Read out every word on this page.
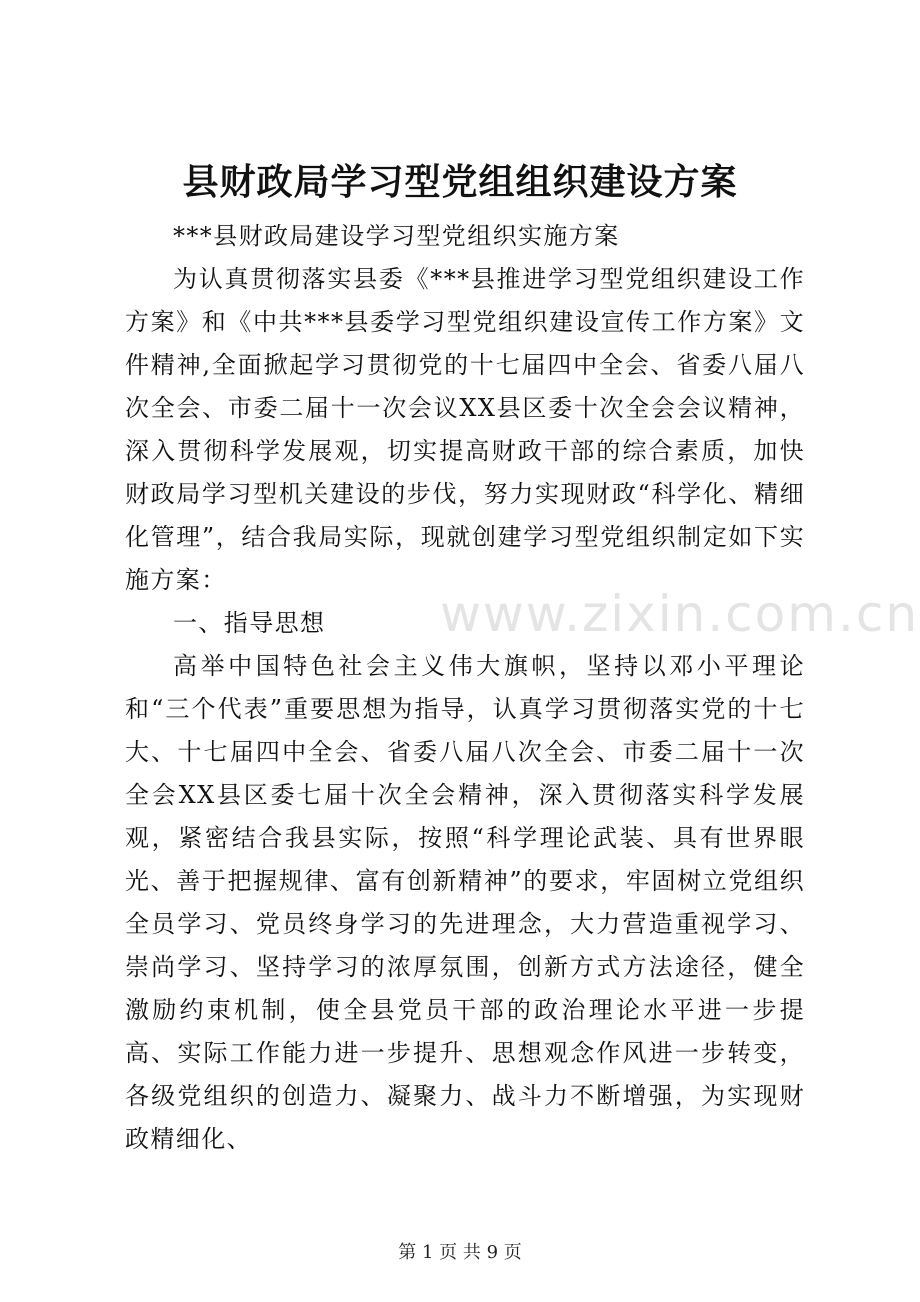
县财政局学习型党组组织建设方案

***县财政局建设学习型党组织实施方案

为认真贯彻落实县委《***县推进学习型党组织建设工作方案》和《中共***县委学习型党组织建设宣传工作方案》文件精神,全面掀起学习贯彻党的十七届四中全会、省委八届八次全会、市委二届十一次会议XX县区委十次全会会议精神，深入贯彻科学发展观，切实提高财政干部的综合素质，加快财政局学习型机关建设的步伐，努力实现财政“科学化、精细化管理”，结合我局实际，现就创建学习型党组织制定如下实施方案：

一、指导思想

高举中国特色社会主义伟大旗帜，坚持以邓小平理论和“三个代表”重要思想为指导，认真学习贯彻落实党的十七大、十七届四中全会、省委八届八次全会、市委二届十一次全会XX县区委七届十次全会精神，深入贯彻落实科学发展观，紧密结合我县实际，按照“科学理论武装、具有世界眼光、善于把握规律、富有创新精神”的要求，牢固树立党组织全员学习、党员终身学习的先进理念，大力营造重视学习、崇尚学习、坚持学习的浓厚氛围，创新方式方法途径，健全激励约束机制，使全县党员干部的政治理论水平进一步提高、实际工作能力进一步提升、思想观念作风进一步转变，各级党组织的创造力、凝聚力、战斗力不断增强，为实现财政精细化、

www.zixin.com.cn
第 1 页 共 9 页
